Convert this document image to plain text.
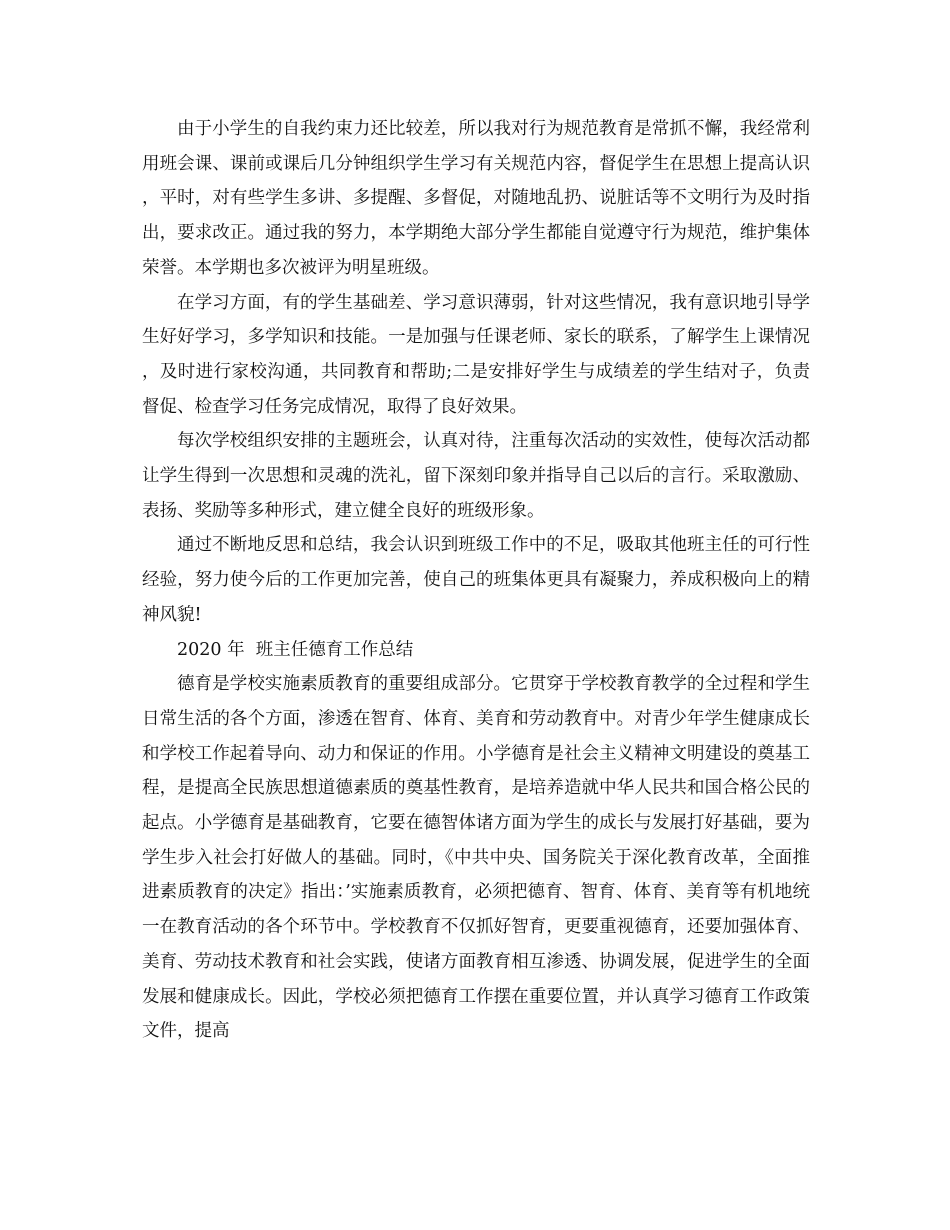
由于小学生的自我约束力还比较差，所以我对行为规范教育是常抓不懈，我经常利用班会课、课前或课后几分钟组织学生学习有关规范内容，督促学生在思想上提高认识，平时，对有些学生多讲、多提醒、多督促，对随地乱扔、说脏话等不文明行为及时指出，要求改正。通过我的努力，本学期绝大部分学生都能自觉遵守行为规范，维护集体荣誉。本学期也多次被评为明星班级。

在学习方面，有的学生基础差、学习意识薄弱，针对这些情况，我有意识地引导学生好好学习，多学知识和技能。一是加强与任课老师、家长的联系，了解学生上课情况，及时进行家校沟通，共同教育和帮助;二是安排好学生与成绩差的学生结对子，负责督促、检查学习任务完成情况，取得了良好效果。

每次学校组织安排的主题班会，认真对待，注重每次活动的实效性，使每次活动都让学生得到一次思想和灵魂的洗礼，留下深刻印象并指导自己以后的言行。采取激励、表扬、奖励等多种形式，建立健全良好的班级形象。

通过不断地反思和总结，我会认识到班级工作中的不足，吸取其他班主任的可行性经验，努力使今后的工作更加完善，使自己的班集体更具有凝聚力，养成积极向上的精神风貌!

2020 年  班主任德育工作总结

德育是学校实施素质教育的重要组成部分。它贯穿于学校教育教学的全过程和学生日常生活的各个方面，渗透在智育、体育、美育和劳动教育中。对青少年学生健康成长和学校工作起着导向、动力和保证的作用。小学德育是社会主义精神文明建设的奠基工程，是提高全民族思想道德素质的奠基性教育，是培养造就中华人民共和国合格公民的起点。小学德育是基础教育，它要在德智体诸方面为学生的成长与发展打好基础，要为学生步入社会打好做人的基础。同时，《中共中央、国务院关于深化教育改革，全面推进素质教育的决定》指出：’实施素质教育，必须把德育、智育、体育、美育等有机地统一在教育活动的各个环节中。学校教育不仅抓好智育，更要重视德育，还要加强体育、美育、劳动技术教育和社会实践，使诸方面教育相互渗透、协调发展，促进学生的全面发展和健康成长。因此，学校必须把德育工作摆在重要位置，并认真学习德育工作政策文件，提高
